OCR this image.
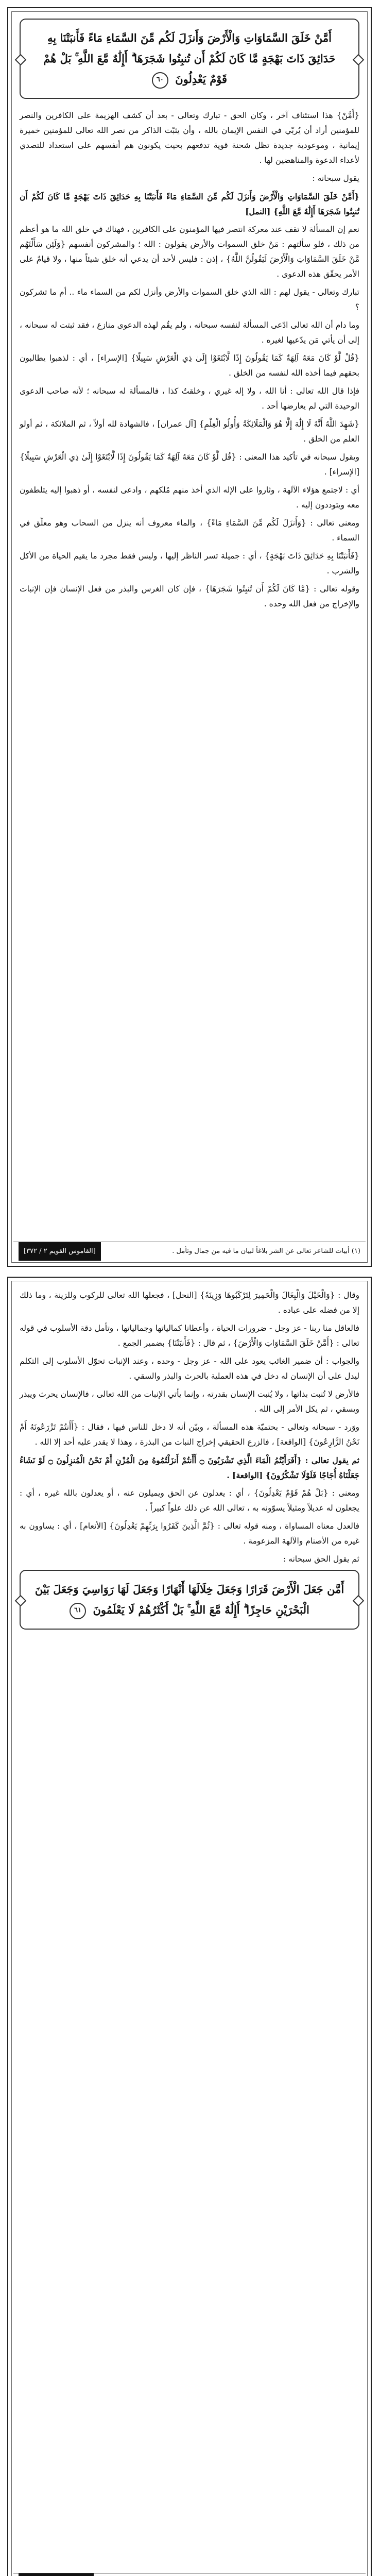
أَمَّنْ خَلَقَ السَّمَاوَاتِ وَالْأَرْضَ وَأَنزَلَ لَكُم مِّنَ السَّمَاءِ مَاءً فَأَنبَتْنَا بِهِ حَدَائِقَ ذَاتَ بَهْجَةٍ مَّا كَانَ لَكُمْ أَن تُنبِتُوا شَجَرَهَا ۗ أَإِلَٰهٌ مَّعَ اللَّهِ ۚ بَلْ هُمْ قَوْمٌ يَعْدِلُونَ ٦٠

{أَمَّنْ} هذا استئناف آخر ، وكان الحق - تبارك وتعالى - بعد أن كشف الهزيمة على الكافرين والنصر للمؤمنين أراد أن يُربّي في النفس الإيمان بالله ، وأن يثبّت الذاكر من نصر الله تعالى للمؤمنين خميرة إيمانية ، وموعودية جديدة تظل شحنة قوية تدفعهم بحيث يكونون هم أنفسهم على استعداد للتصدي لأعداء الدعوة والمناهضين لها .

يقول سبحانه :

{أَمَّنْ خَلَقَ السَّمَاوَاتِ وَالْأَرْضَ وَأَنزَلَ لَكُم مِّنَ السَّمَاءِ مَاءً فَأَنبَتْنَا بِهِ حَدَائِقَ ذَاتَ بَهْجَةٍ مَّا كَانَ لَكُمْ أَن تُنبِتُوا شَجَرَهَا أَإِلَٰهٌ مَّعَ اللَّهِ} [النمل]

نعم إن المسألة لا تقف عند معركة انتصر فيها المؤمنون على الكافرين ، فهناك في خلق الله ما هو أعظم من ذلك ، فلو سألتهم : مَنْ خلق السموات والأرض يقولون : الله ؛ والمشركون أنفسهم {وَلَئِن سَأَلْتَهُم مَّنْ خَلَقَ السَّمَاوَاتِ وَالْأَرْضَ لَيَقُولُنَّ اللَّهُ} ، إذن : فليس لأحد أن يدعي أنه خلق شيئاً منها ، ولا قيامٌ على الأمر يحقّق هذه الدعوى .

تبارك وتعالى - يقول لهم : الله الذي خلق السموات والأرض وأنزل لكم من السماء ماء .. أم ما تشركون ؟

وما دام أن الله تعالى ادّعى المسألة لنفسه سبحانه ، ولم يقُم لهذه الدعوى منازع ، فقد ثبتت له سبحانه ، إلى أن يأتي مَن يدّعيها لغيره .

{قُلْ لَّوْ كَانَ مَعَهُ آلِهَةٌ كَمَا يَقُولُونَ إِذًا لَّابْتَغَوْا إِلَىٰ ذِي الْعَرْشِ سَبِيلًا} [الإسراء] ، أي : لذهبوا يطالبون بحقهم فيما أخذه الله لنفسه من الخلق .

فإذا قال الله تعالى : أنا الله ، ولا إله غيري ، وخلقتُ كذا ، فالمسألة له سبحانه ؛ لأنه صاحب الدعوى الوحيدة التي لم يعارضها أحد .

{شَهِدَ اللَّهُ أَنَّهُ لَا إِلَٰهَ إِلَّا هُوَ وَالْمَلَائِكَةُ وَأُولُو الْعِلْمِ} [آل عمران] ، فالشهادة لله أولاً ، ثم الملائكة ، ثم أولو العلم من الخلق .

ويقول سبحانه في تأكيد هذا المعنى : {قُل لَّوْ كَانَ مَعَهُ آلِهَةٌ كَمَا يَقُولُونَ إِذًا لَّابْتَغَوْا إِلَىٰ ذِي الْعَرْشِ سَبِيلًا} [الإسراء] .

أي : لاجتمع هؤلاء الآلهة ، وثاروا على الإله الذي أخذ منهم مُلكهم ، وادعى لنفسه ، أو ذهبوا إليه يتلطفون معه ويتوددون إليه .

ومعنى تعالى : {وَأَنزَلَ لَكُم مِّنَ السَّمَاءِ مَاءً} ، والماء معروف أنه ينزل من السحاب وهو معلّق في السماء .

{فَأَنبَتْنَا بِهِ حَدَائِقَ ذَاتَ بَهْجَةٍ} ، أي : جميلة تسر الناظر إليها ، وليس فقط مجرد ما يقيم الحياة من الأكل والشرب .

وقوله تعالى : {مَّا كَانَ لَكُمْ أَن تُنبِتُوا شَجَرَهَا} ، فإن كان الغرس والبذر من فعل الإنسان فإن الإنبات والإخراج من فعل الله وحده .

(١) أبيات للشاعر تعالى عن الشر بلاغاً لبيان ما فيه من جمال وتأمل .
[القاموس القويم ٢ / ٣٧٢]

وقال : {وَالْخَيْلَ وَالْبِغَالَ وَالْحَمِيرَ لِتَرْكَبُوهَا وَزِينَةً} [النحل] ، فجعلها الله تعالى للركوب وللزينة ، وما ذلك إلا من فضله على عباده .

فالعاقل منا ربنا - عز وجل - ضرورات الحياة ، وأعطانا كمالياتها وجمالياتها ، وتأمل دقة الأسلوب في قوله تعالى : {أَمَّنْ خَلَقَ السَّمَاوَاتِ وَالْأَرْضَ} ، ثم قال : {فَأَنبَتْنَا} بضمير الجمع .

والجواب : أن ضمير الغائب يعود على الله - عز وجل - وحده ، وعند الإنبات تحوّل الأسلوب إلى التكلم ليدل على أن الإنسان له دخل في هذه العملية بالحرث والبذر والسقي .

فالأرض لا تُنبت بذاتها ، ولا يُنبت الإنسان بقدرته ، وإنما يأتي الإنبات من الله تعالى ، فالإنسان يحرث ويبذر ويسقي ، ثم يكل الأمر إلى الله .

ووَرد - سبحانه وتعالى - بحتميّة هذه المسألة ، وبيّن أنه لا دخل للناس فيها ، فقال : {أَأَنتُمْ تَزْرَعُونَهُ أَمْ نَحْنُ الزَّارِعُونَ} [الواقعة] ، فالزرع الحقيقي إخراج النبات من البذرة ، وهذا لا يقدر عليه أحد إلا الله .

ثم يقول تعالى : {أَفَرَأَيْتُمُ الْمَاءَ الَّذِي تَشْرَبُونَ ۝ أَأَنتُمْ أَنزَلْتُمُوهُ مِنَ الْمُزْنِ أَمْ نَحْنُ الْمُنزِلُونَ ۝ لَوْ نَشَاءُ جَعَلْنَاهُ أُجَاجًا فَلَوْلَا تَشْكُرُونَ} [الواقعة] .

ومعنى : {بَلْ هُمْ قَوْمٌ يَعْدِلُونَ} ، أي : يعدلون عن الحق ويميلون عنه ، أو يعدلون بالله غيره ، أي : يجعلون له عديلاً ومثيلاً يسوّونه به ، تعالى الله عن ذلك علواً كبيراً .

فالعدل معناه المساواة ، ومنه قوله تعالى : {ثُمَّ الَّذِينَ كَفَرُوا بِرَبِّهِمْ يَعْدِلُونَ} [الأنعام] ، أي : يساوون به غيره من الأصنام والآلهة المزعومة .

ثم يقول الحق سبحانه :

أَمَّن جَعَلَ الْأَرْضَ قَرَارًا وَجَعَلَ خِلَالَهَا أَنْهَارًا وَجَعَلَ لَهَا رَوَاسِيَ وَجَعَلَ بَيْنَ الْبَحْرَيْنِ حَاجِزًا ۗ أَإِلَٰهٌ مَّعَ اللَّهِ ۚ بَلْ أَكْثَرُهُمْ لَا يَعْلَمُونَ ٦١
